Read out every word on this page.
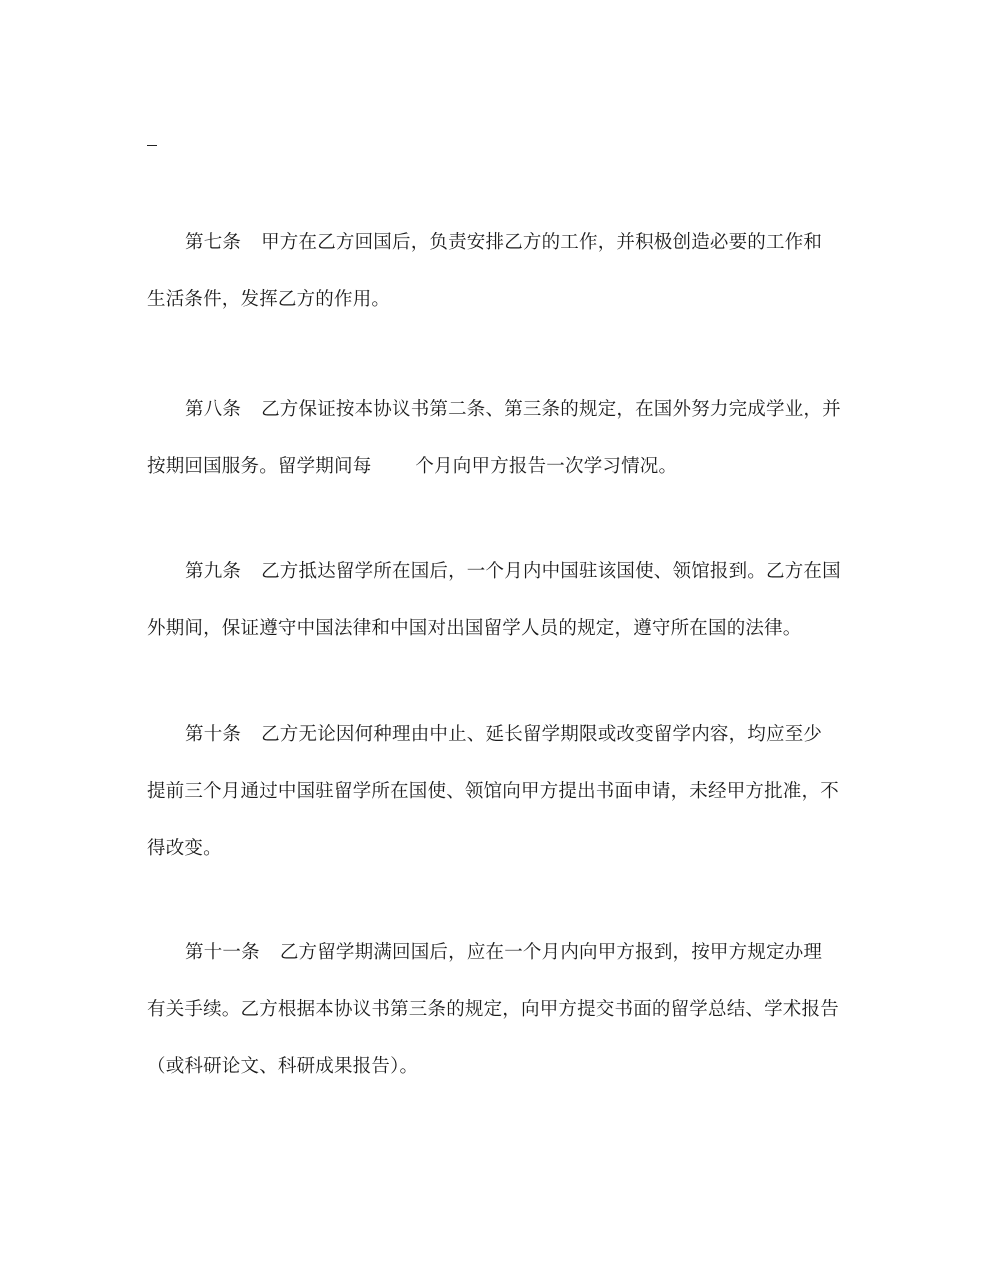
第七条 甲方在乙方回国后，负责安排乙方的工作，并积极创造必要的工作和
生活条件，发挥乙方的作用。

第八条 乙方保证按本协议书第二条、第三条的规定，在国外努力完成学业，并
按期回国服务。留学期间每 个月向甲方报告一次学习情况。

第九条 乙方抵达留学所在国后，一个月内中国驻该国使、领馆报到。乙方在国
外期间，保证遵守中国法律和中国对出国留学人员的规定，遵守所在国的法律。

第十条 乙方无论因何种理由中止、延长留学期限或改变留学内容，均应至少
提前三个月通过中国驻留学所在国使、领馆向甲方提出书面申请，未经甲方批准，不
得改变。

第十一条 乙方留学期满回国后，应在一个月内向甲方报到，按甲方规定办理
有关手续。乙方根据本协议书第三条的规定，向甲方提交书面的留学总结、学术报告
（或科研论文、科研成果报告）。
